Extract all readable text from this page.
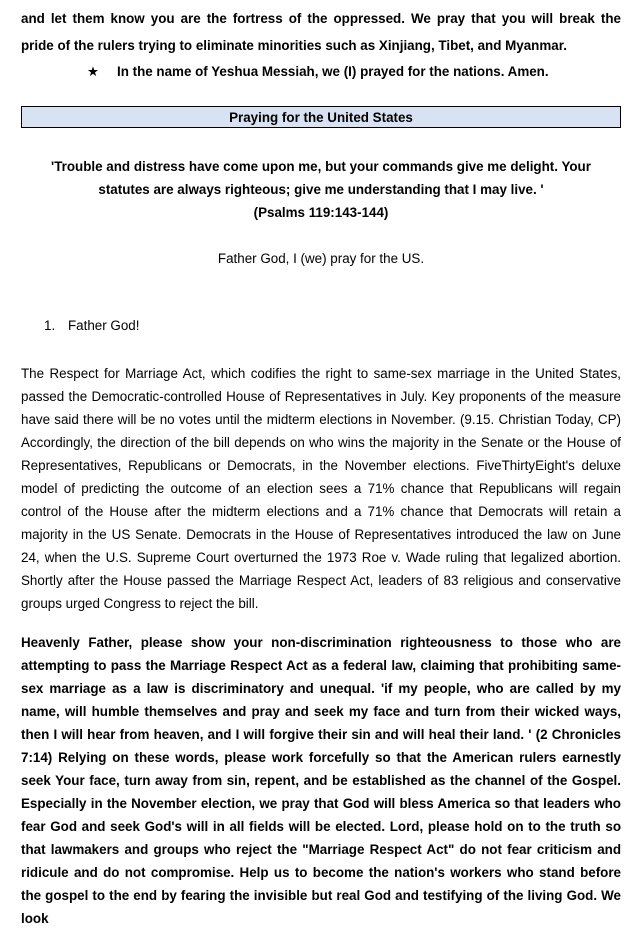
and let them know you are the fortress of the oppressed. We pray that you will break the
pride of the rulers trying to eliminate minorities such as Xinjiang, Tibet, and Myanmar.
★ In the name of Yeshua Messiah, we (I) prayed for the nations. Amen.
Praying for the United States
'Trouble and distress have come upon me, but your commands give me delight. Your
statutes are always righteous; give me understanding that I may live. '
(Psalms 119:143-144)
Father God, I (we) pray for the US.
1. Father God!
The Respect for Marriage Act, which codifies the right to same-sex marriage in the United States, passed the Democratic-controlled House of Representatives in July. Key proponents of the measure have said there will be no votes until the midterm elections in November. (9.15. Christian Today, CP) Accordingly, the direction of the bill depends on who wins the majority in the Senate or the House of Representatives, Republicans or Democrats, in the November elections. FiveThirtyEight's deluxe model of predicting the outcome of an election sees a 71% chance that Republicans will regain control of the House after the midterm elections and a 71% chance that Democrats will retain a majority in the US Senate. Democrats in the House of Representatives introduced the law on June 24, when the U.S. Supreme Court overturned the 1973 Roe v. Wade ruling that legalized abortion. Shortly after the House passed the Marriage Respect Act, leaders of 83 religious and conservative groups urged Congress to reject the bill.
Heavenly Father, please show your non-discrimination righteousness to those who are attempting to pass the Marriage Respect Act as a federal law, claiming that prohibiting same-sex marriage as a law is discriminatory and unequal. 'if my people, who are called by my name, will humble themselves and pray and seek my face and turn from their wicked ways, then I will hear from heaven, and I will forgive their sin and will heal their land. ' (2 Chronicles 7:14) Relying on these words, please work forcefully so that the American rulers earnestly seek Your face, turn away from sin, repent, and be established as the channel of the Gospel. Especially in the November election, we pray that God will bless America so that leaders who fear God and seek God's will in all fields will be elected. Lord, please hold on to the truth so that lawmakers and groups who reject the "Marriage Respect Act" do not fear criticism and ridicule and do not compromise. Help us to become the nation's workers who stand before the gospel to the end by fearing the invisible but real God and testifying of the living God. We look
